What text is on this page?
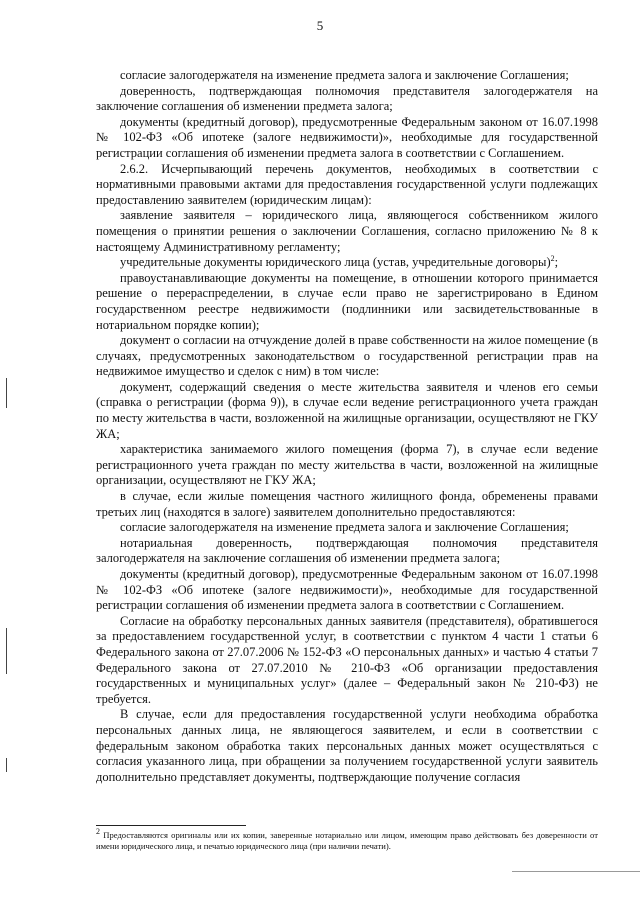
5

согласие залогодержателя на изменение предмета залога и заключение Соглашения;

доверенность, подтверждающая полномочия представителя залогодержателя на заключение соглашения об изменении предмета залога;

документы (кредитный договор), предусмотренные Федеральным законом от 16.07.1998 № 102-ФЗ «Об ипотеке (залоге недвижимости)», необходимые для государственной регистрации соглашения об изменении предмета залога в соответствии с Соглашением.

2.6.2. Исчерпывающий перечень документов, необходимых в соответствии с нормативными правовыми актами для предоставления государственной услуги подлежащих предоставлению заявителем (юридическим лицам):

заявление заявителя – юридического лица, являющегося собственником жилого помещения о принятии решения о заключении Соглашения, согласно приложению № 8 к настоящему Административному регламенту;

учредительные документы юридического лица (устав, учредительные договоры)$^2$;

правоустанавливающие документы на помещение, в отношении которого принимается решение о перераспределении, в случае если право не зарегистрировано в Едином государственном реестре недвижимости (подлинники или засвидетельствованные в нотариальном порядке копии);

документ о согласии на отчуждение долей в праве собственности на жилое помещение (в случаях, предусмотренных законодательством о государственной регистрации прав на недвижимое имущество и сделок с ним) в том числе:

документ, содержащий сведения о месте жительства заявителя и членов его семьи (справка о регистрации (форма 9)), в случае если ведение регистрационного учета граждан по месту жительства в части, возложенной на жилищные организации, осуществляют не ГКУ ЖА;

характеристика занимаемого жилого помещения (форма 7), в случае если ведение регистрационного учета граждан по месту жительства в части, возложенной на жилищные организации, осуществляют не ГКУ ЖА;

в случае, если жилые помещения частного жилищного фонда, обременены правами третьих лиц (находятся в залоге) заявителем дополнительно предоставляются:

согласие залогодержателя на изменение предмета залога и заключение Соглашения;

нотариальная доверенность, подтверждающая полномочия представителя залогодержателя на заключение соглашения об изменении предмета залога;

документы (кредитный договор), предусмотренные Федеральным законом от 16.07.1998 № 102-ФЗ «Об ипотеке (залоге недвижимости)», необходимые для государственной регистрации соглашения об изменении предмета залога в соответствии с Соглашением.

Согласие на обработку персональных данных заявителя (представителя), обратившегося за предоставлением государственной услуг, в соответствии с пунктом 4 части 1 статьи 6 Федерального закона от 27.07.2006 № 152-ФЗ «О персональных данных» и частью 4 статьи 7 Федерального закона от 27.07.2010 № 210-ФЗ «Об организации предоставления государственных и муниципальных услуг» (далее – Федеральный закон № 210-ФЗ) не требуется.

В случае, если для предоставления государственной услуги необходима обработка персональных данных лица, не являющегося заявителем, и если в соответствии с федеральным законом обработка таких персональных данных может осуществляться с согласия указанного лица, при обращении за получением государственной услуги заявитель дополнительно представляет документы, подтверждающие получение согласия

$^2$ Предоставляются оригиналы или их копии, заверенные нотариально или лицом, имеющим право действовать без доверенности от имени юридического лица, и печатью юридического лица (при наличии печати).
